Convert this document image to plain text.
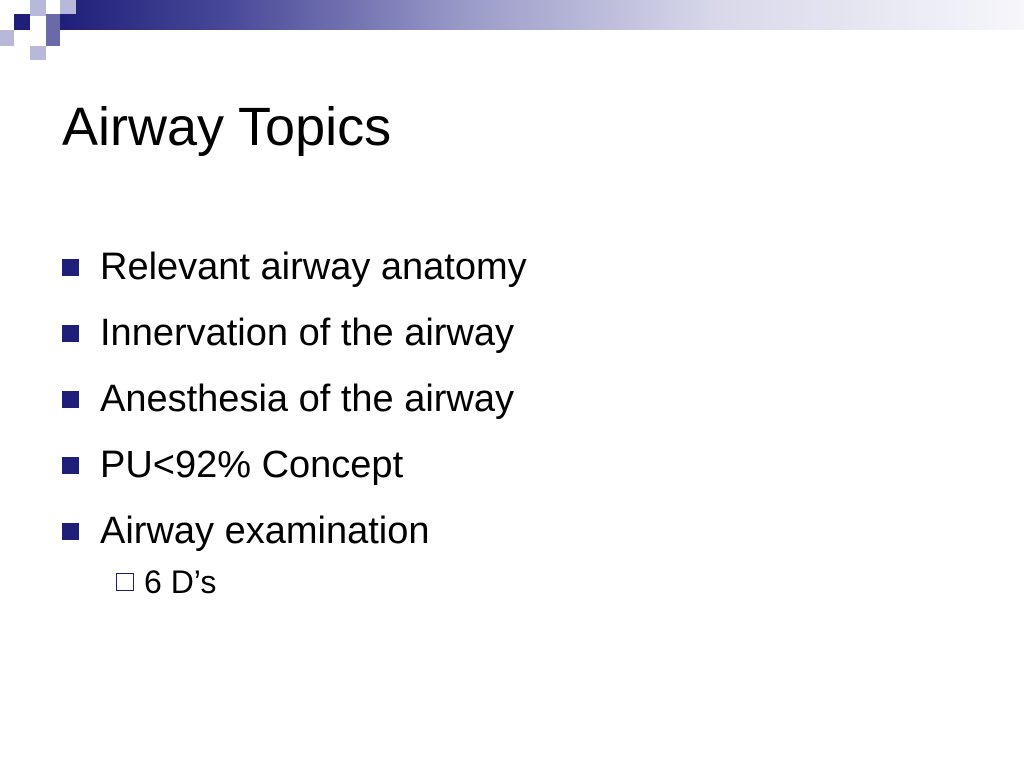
Airway Topics
Relevant airway anatomy
Innervation of the airway
Anesthesia of the airway
PU<92% Concept
Airway examination
6 D’s
